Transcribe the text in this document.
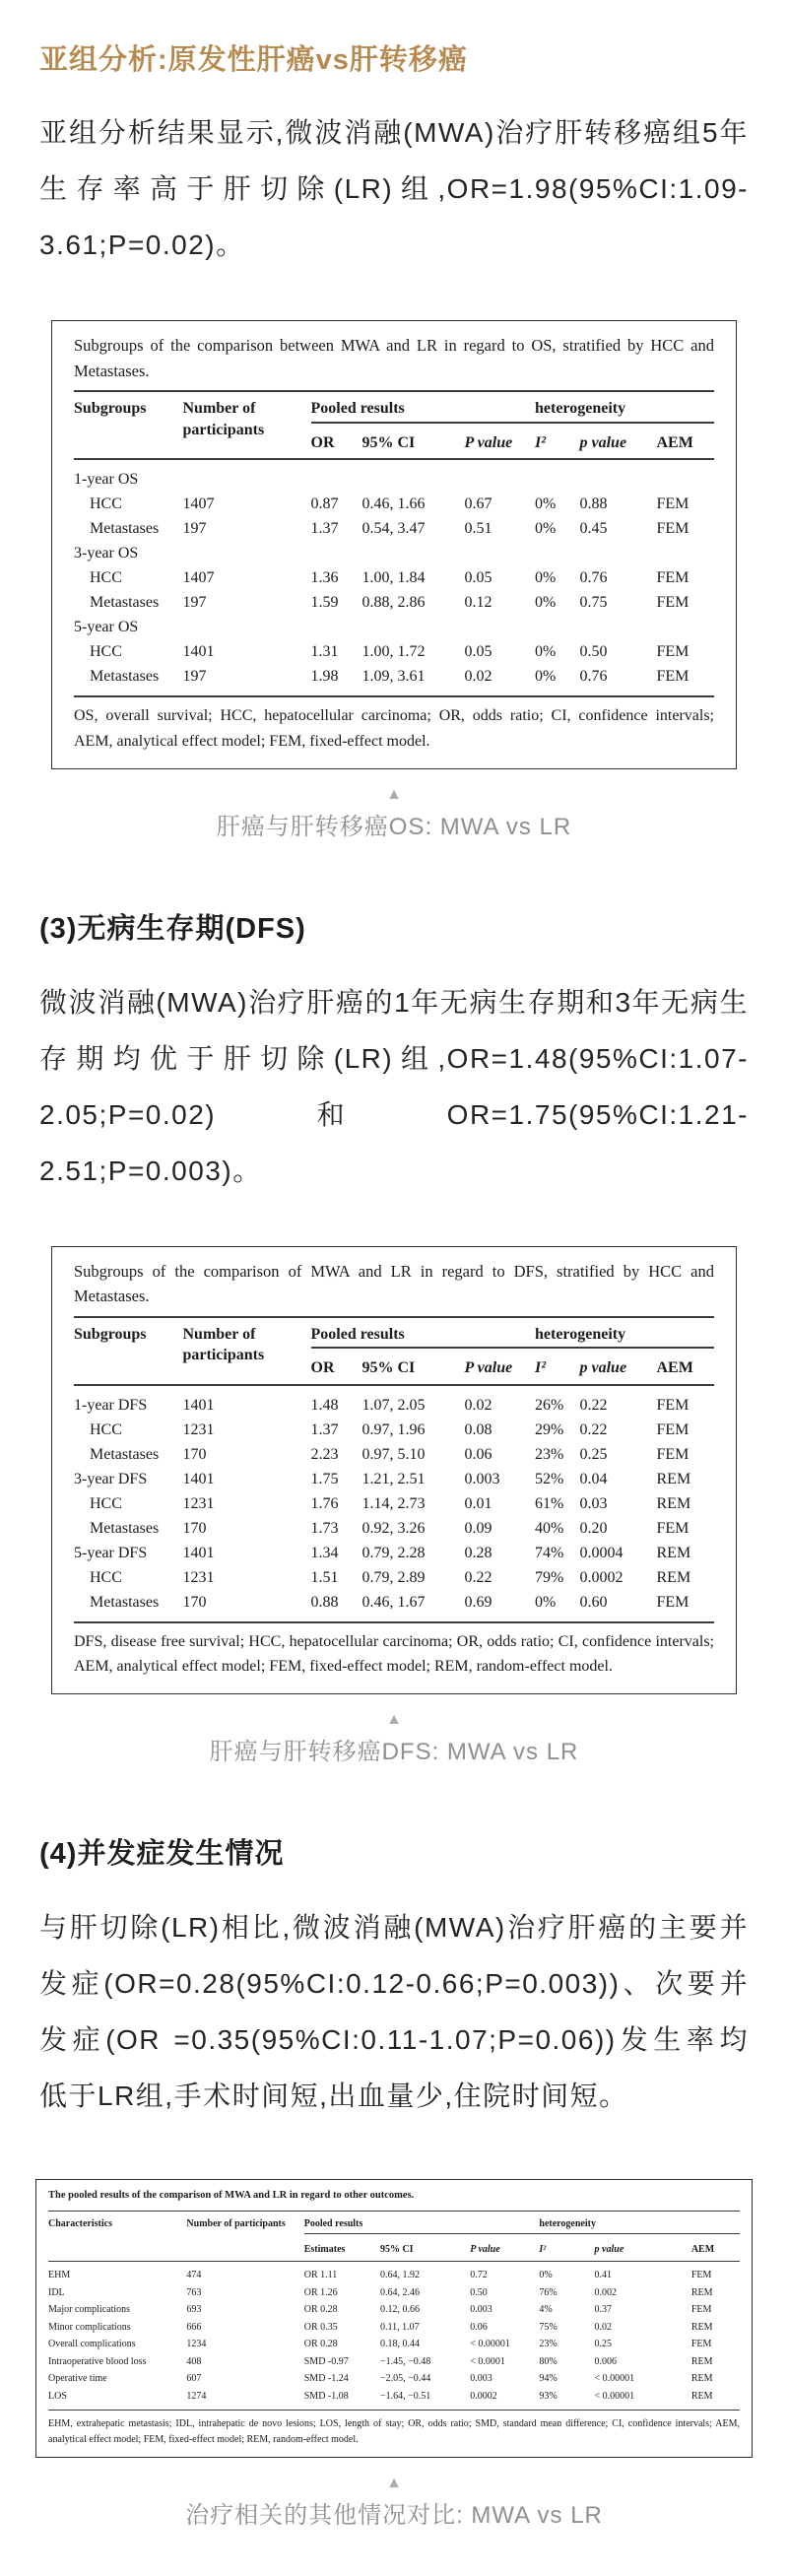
亚组分析:原发性肝癌vs肝转移癌

亚组分析结果显示,微波消融(MWA)治疗肝转移癌组5年生存率高于肝切除(LR)组,OR=1.98(95%CI:1.09-3.61;P=0.02)。

Subgroups of the comparison between MWA and LR in regard to OS, stratified by HCC and Metastases.
Subgroups	Number of participants	Pooled results			heterogeneity		
		OR	95% CI	P value	I²	p value	AEM
1-year OS							
HCC	1407	0.87	0.46, 1.66	0.67	0%	0.88	FEM
Metastases	197	1.37	0.54, 3.47	0.51	0%	0.45	FEM
3-year OS							
HCC	1407	1.36	1.00, 1.84	0.05	0%	0.76	FEM
Metastases	197	1.59	0.88, 2.86	0.12	0%	0.75	FEM
5-year OS							
HCC	1401	1.31	1.00, 1.72	0.05	0%	0.50	FEM
Metastases	197	1.98	1.09, 3.61	0.02	0%	0.76	FEM
OS, overall survival; HCC, hepatocellular carcinoma; OR, odds ratio; CI, confidence intervals; AEM, analytical effect model; FEM, fixed-effect model.
▲
肝癌与肝转移癌OS: MWA vs LR
(3)无病生存期(DFS)

微波消融(MWA)治疗肝癌的1年无病生存期和3年无病生存期均优于肝切除(LR)组,OR=1.48(95%CI:1.07-2.05;P=0.02)和OR=1.75(95%CI:1.21-2.51;P=0.003)。

Subgroups of the comparison of MWA and LR in regard to DFS, stratified by HCC and Metastases.
Subgroups	Number of participants	Pooled results			heterogeneity		
		OR	95% CI	P value	I²	p value	AEM
1-year DFS	1401	1.48	1.07, 2.05	0.02	26%	0.22	FEM
HCC	1231	1.37	0.97, 1.96	0.08	29%	0.22	FEM
Metastases	170	2.23	0.97, 5.10	0.06	23%	0.25	FEM
3-year DFS	1401	1.75	1.21, 2.51	0.003	52%	0.04	REM
HCC	1231	1.76	1.14, 2.73	0.01	61%	0.03	REM
Metastases	170	1.73	0.92, 3.26	0.09	40%	0.20	FEM
5-year DFS	1401	1.34	0.79, 2.28	0.28	74%	0.0004	REM
HCC	1231	1.51	0.79, 2.89	0.22	79%	0.0002	REM
Metastases	170	0.88	0.46, 1.67	0.69	0%	0.60	FEM
DFS, disease free survival; HCC, hepatocellular carcinoma; OR, odds ratio; CI, confidence intervals; AEM, analytical effect model; FEM, fixed-effect model; REM, random-effect model.
▲
肝癌与肝转移癌DFS: MWA vs LR
(4)并发症发生情况

与肝切除(LR)相比,微波消融(MWA)治疗肝癌的主要并发症(OR=0.28(95%CI:0.12-0.66;P=0.003))、次要并发症(OR =0.35(95%CI:0.11-1.07;P=0.06))发生率均低于LR组,手术时间短,出血量少,住院时间短。

The pooled results of the comparison of MWA and LR in regard to other outcomes.
Characteristics	Number of participants	Pooled results			heterogeneity		
		Estimates	95% CI	P value	I²	p value	AEM
EHM	474	OR 1.11	0.64, 1.92	0.72	0%	0.41	FEM
IDL	763	OR 1.26	0.64, 2.46	0.50	76%	0.002	REM
Major complications	693	OR 0.28	0.12, 0.66	0.003	4%	0.37	FEM
Minor complications	666	OR 0.35	0.11, 1.07	0.06	75%	0.02	REM
Overall complications	1234	OR 0.28	0.18, 0.44	< 0.00001	23%	0.25	FEM
Intraoperative blood loss	408	SMD -0.97	−1.45, −0.48	< 0.0001	80%	0.006	REM
Operative time	607	SMD -1.24	−2.05, −0.44	0.003	94%	< 0.00001	REM
LOS	1274	SMD -1.08	−1.64, −0.51	0.0002	93%	< 0.00001	REM
EHM, extrahepatic metastasis; IDL, intrahepatic de novo lesions; LOS, length of stay; OR, odds ratio; SMD, standard mean difference; CI, confidence intervals; AEM, analytical effect model; FEM, fixed-effect model; REM, random-effect model.
▲
治疗相关的其他情况对比: MWA vs LR
